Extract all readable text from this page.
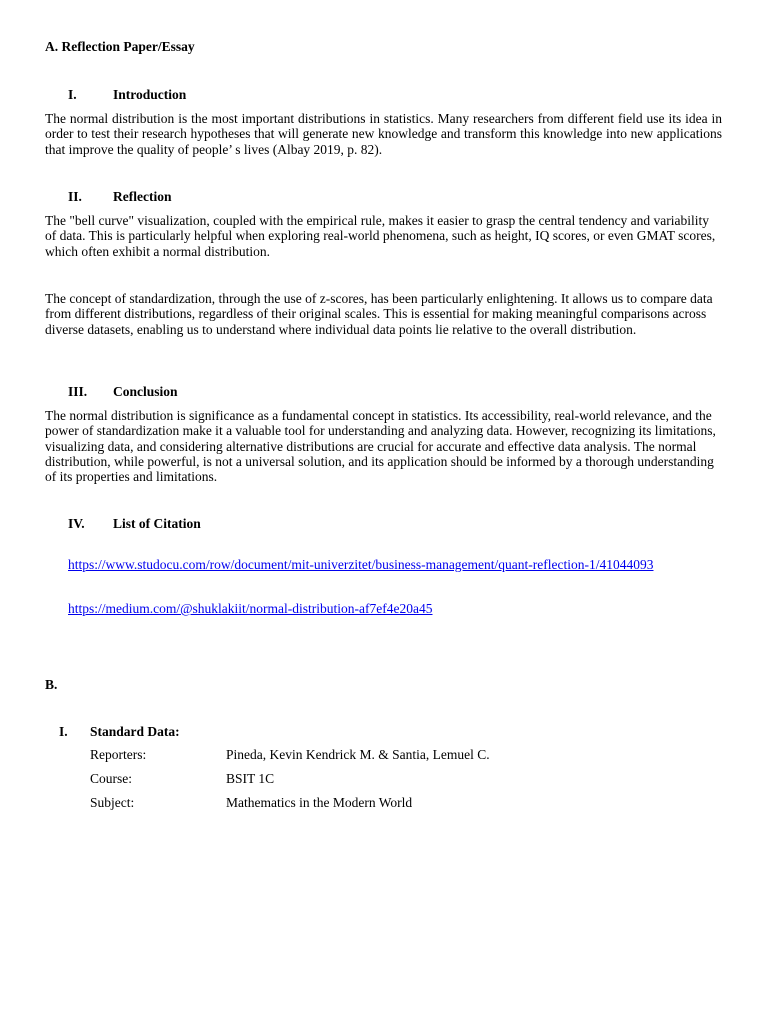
A. Reflection Paper/Essay
I.	Introduction
The normal distribution is the most important distributions in statistics. Many researchers from different field use its idea in order to test their research hypotheses that will generate new knowledge and transform this knowledge into new applications that improve the quality of people’ s lives (Albay 2019, p. 82).
II. Reflection
The "bell curve" visualization, coupled with the empirical rule, makes it easier to grasp the central tendency and variability of data. This is particularly helpful when exploring real-world phenomena, such as height, IQ scores, or even GMAT scores, which often exhibit a normal distribution.
The concept of standardization, through the use of z-scores, has been particularly enlightening. It allows us to compare data from different distributions, regardless of their original scales. This is essential for making meaningful comparisons across diverse datasets, enabling us to understand where individual data points lie relative to the overall distribution.
III. Conclusion
The normal distribution is significance as a fundamental concept in statistics. Its accessibility, real-world relevance, and the power of standardization make it a valuable tool for understanding and analyzing data. However, recognizing its limitations, visualizing data, and considering alternative distributions are crucial for accurate and effective data analysis. The normal distribution, while powerful, is not a universal solution, and its application should be informed by a thorough understanding of its properties and limitations.
IV. List of Citation
https://www.studocu.com/row/document/mit-univerzitet/business-management/quant-reflection-1/41044093
https://medium.com/@shuklakiit/normal-distribution-af7ef4e20a45
B.
I. Standard Data:
Reporters:	Pineda, Kevin Kendrick M. & Santia, Lemuel C.
Course:	BSIT 1C
Subject:	Mathematics in the Modern World
